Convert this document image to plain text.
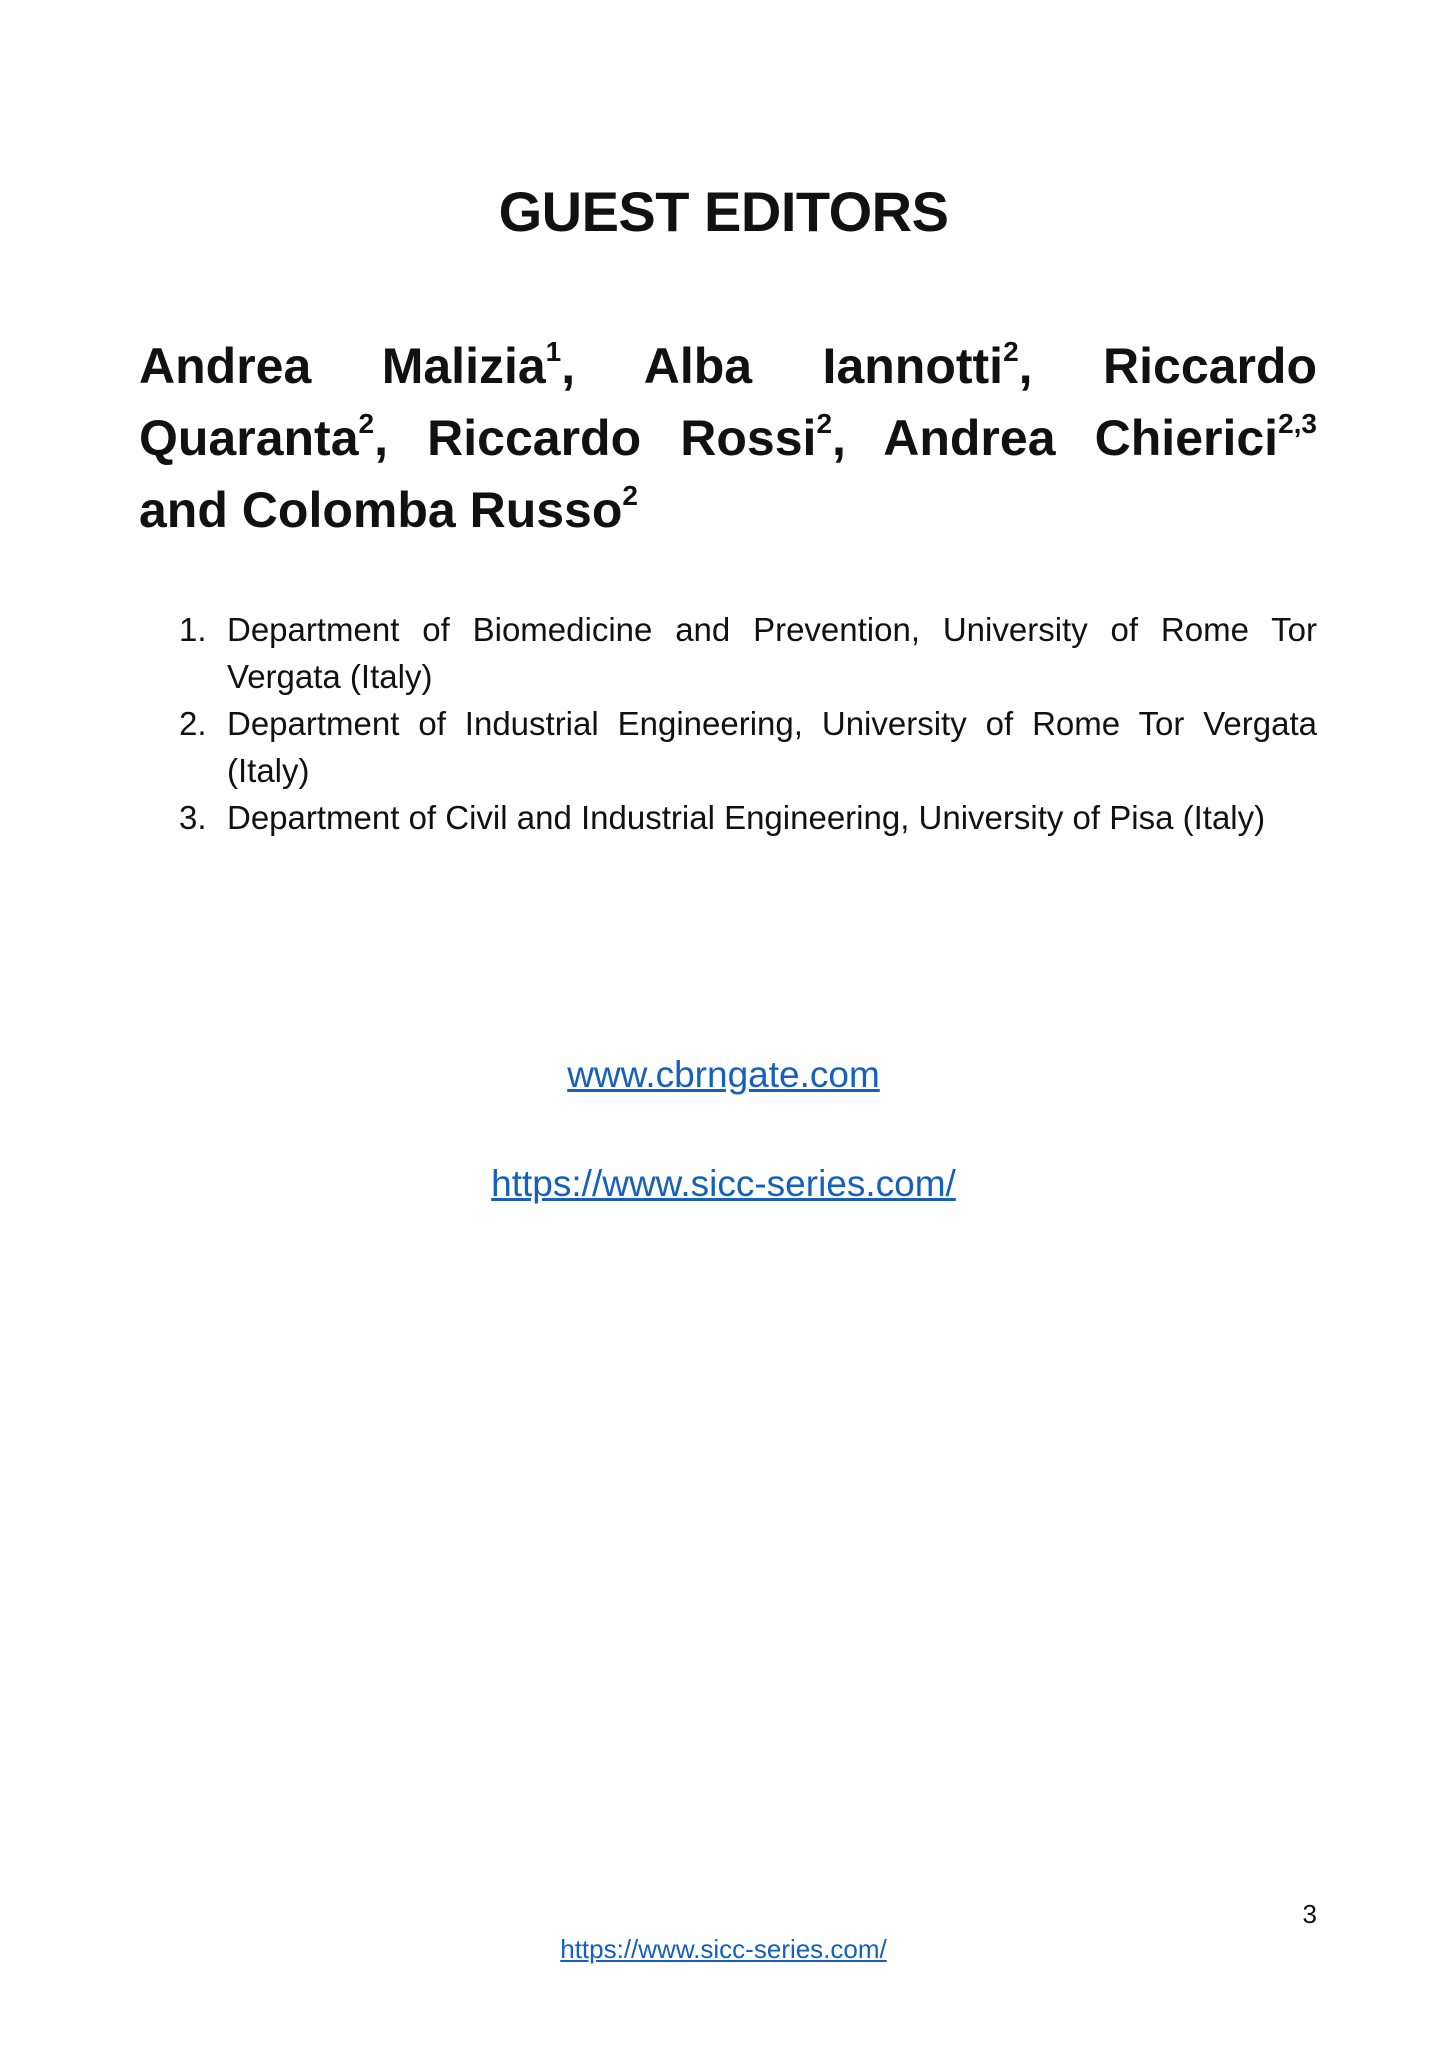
GUEST EDITORS

Andrea Malizia$^1$, Alba Iannotti$^2$, Riccardo Quaranta$^2$, Riccardo Rossi$^2$, Andrea Chierici$^{2,3}$ and Colomba Russo$^2$

1. Department of Biomedicine and Prevention, University of Rome Tor Vergata (Italy)
2. Department of Industrial Engineering, University of Rome Tor Vergata (Italy)
3. Department of Civil and Industrial Engineering, University of Pisa (Italy)
www.cbrngate.com
https://www.sicc-series.com/
3
https://www.sicc-series.com/
